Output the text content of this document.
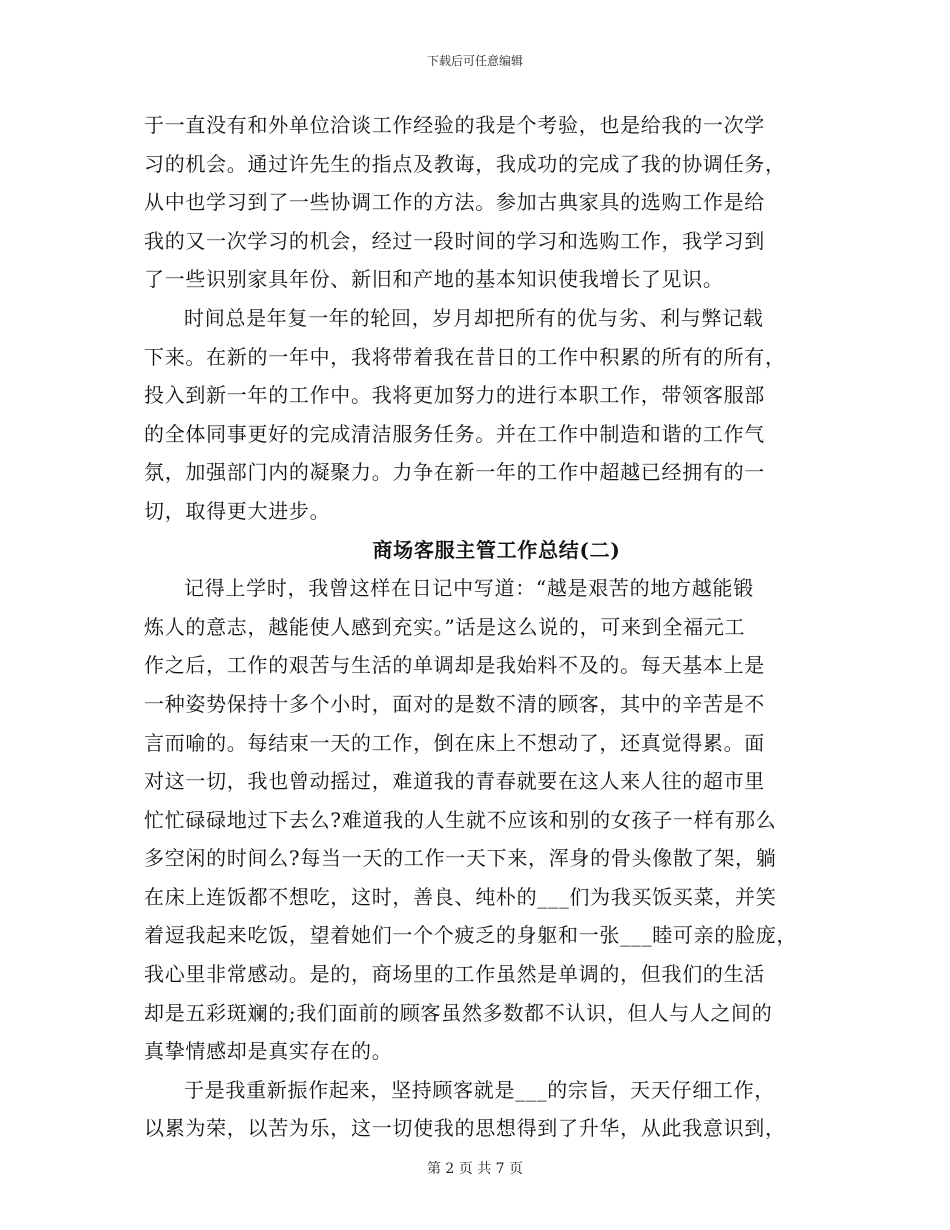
下载后可任意编辑
于一直没有和外单位洽谈工作经验的我是个考验，也是给我的一次学
习的机会。通过许先生的指点及教诲，我成功的完成了我的协调任务，
从中也学习到了一些协调工作的方法。参加古典家具的选购工作是给
我的又一次学习的机会，经过一段时间的学习和选购工作，我学习到
了一些识别家具年份、新旧和产地的基本知识使我增长了见识。
时间总是年复一年的轮回，岁月却把所有的优与劣、利与弊记载
下来。在新的一年中，我将带着我在昔日的工作中积累的所有的所有，
投入到新一年的工作中。我将更加努力的进行本职工作，带领客服部
的全体同事更好的完成清洁服务任务。并在工作中制造和谐的工作气
氛，加强部门内的凝聚力。力争在新一年的工作中超越已经拥有的一
切，取得更大进步。
商场客服主管工作总结(二)
记得上学时，我曾这样在日记中写道：“越是艰苦的地方越能锻
炼人的意志，越能使人感到充实。”话是这么说的，可来到全福元工
作之后，工作的艰苦与生活的单调却是我始料不及的。每天基本上是
一种姿势保持十多个小时，面对的是数不清的顾客，其中的辛苦是不
言而喻的。每结束一天的工作，倒在床上不想动了，还真觉得累。面
对这一切，我也曾动摇过，难道我的青春就要在这人来人往的超市里
忙忙碌碌地过下去么?难道我的人生就不应该和别的女孩子一样有那么
多空闲的时间么?每当一天的工作一天下来，浑身的骨头像散了架，躺
在床上连饭都不想吃，这时，善良、纯朴的___们为我买饭买菜，并笑
着逗我起来吃饭，望着她们一个个疲乏的身躯和一张___睦可亲的脸庞，
我心里非常感动。是的，商场里的工作虽然是单调的，但我们的生活
却是五彩斑斓的;我们面前的顾客虽然多数都不认识，但人与人之间的
真挚情感却是真实存在的。
于是我重新振作起来，坚持顾客就是___的宗旨，天天仔细工作，
以累为荣，以苦为乐，这一切使我的思想得到了升华，从此我意识到，
第 2 页 共 7 页
